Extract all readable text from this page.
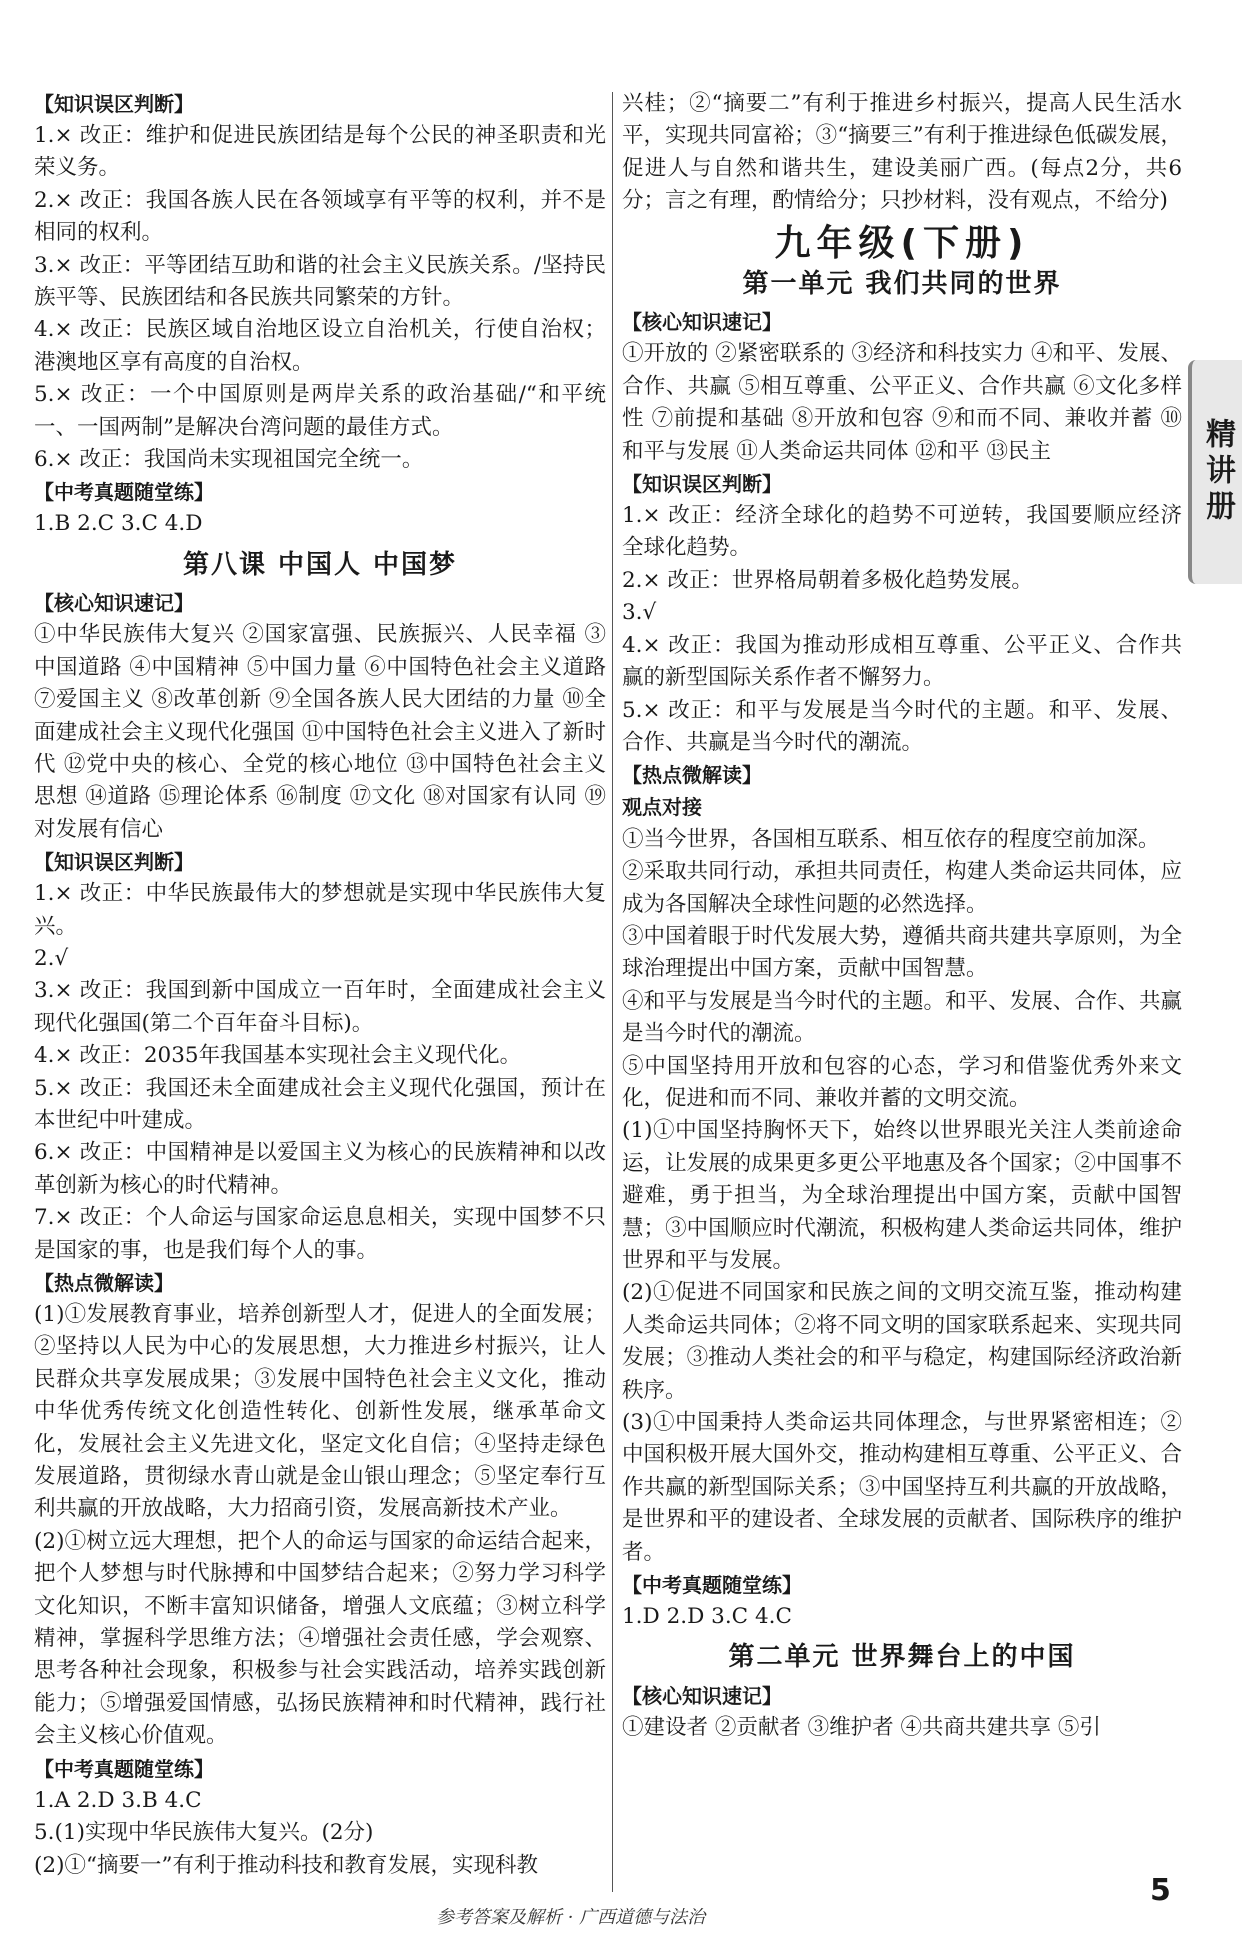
【知识误区判断】
1.× 改正：维护和促进民族团结是每个公民的神圣职责和光荣义务。
2.× 改正：我国各族人民在各领域享有平等的权利，并不是相同的权利。
3.× 改正：平等团结互助和谐的社会主义民族关系。/坚持民族平等、民族团结和各民族共同繁荣的方针。
4.× 改正：民族区域自治地区设立自治机关，行使自治权；港澳地区享有高度的自治权。
5.× 改正：一个中国原则是两岸关系的政治基础/“和平统一、一国两制”是解决台湾问题的最佳方式。
6.× 改正：我国尚未实现祖国完全统一。
【中考真题随堂练】
1.B 2.C 3.C 4.D
第八课 中国人 中国梦
【核心知识速记】
①中华民族伟大复兴 ②国家富强、民族振兴、人民幸福 ③中国道路 ④中国精神 ⑤中国力量 ⑥中国特色社会主义道路 ⑦爱国主义 ⑧改革创新 ⑨全国各族人民大团结的力量 ⑩全面建成社会主义现代化强国 ⑪中国特色社会主义进入了新时代 ⑫党中央的核心、全党的核心地位 ⑬中国特色社会主义思想 ⑭道路 ⑮理论体系 ⑯制度 ⑰文化 ⑱对国家有认同 ⑲对发展有信心
【知识误区判断】
1.× 改正：中华民族最伟大的梦想就是实现中华民族伟大复兴。
2.√
3.× 改正：我国到新中国成立一百年时，全面建成社会主义现代化强国(第二个百年奋斗目标)。
4.× 改正：2035年我国基本实现社会主义现代化。
5.× 改正：我国还未全面建成社会主义现代化强国，预计在本世纪中叶建成。
6.× 改正：中国精神是以爱国主义为核心的民族精神和以改革创新为核心的时代精神。
7.× 改正：个人命运与国家命运息息相关，实现中国梦不只是国家的事，也是我们每个人的事。
【热点微解读】
(1)①发展教育事业，培养创新型人才，促进人的全面发展；②坚持以人民为中心的发展思想，大力推进乡村振兴，让人民群众共享发展成果；③发展中国特色社会主义文化，推动中华优秀传统文化创造性转化、创新性发展，继承革命文化，发展社会主义先进文化，坚定文化自信；④坚持走绿色发展道路，贯彻绿水青山就是金山银山理念；⑤坚定奉行互利共赢的开放战略，大力招商引资，发展高新技术产业。
(2)①树立远大理想，把个人的命运与国家的命运结合起来，把个人梦想与时代脉搏和中国梦结合起来；②努力学习科学文化知识，不断丰富知识储备，增强人文底蕴；③树立科学精神，掌握科学思维方法；④增强社会责任感，学会观察、思考各种社会现象，积极参与社会实践活动，培养实践创新能力；⑤增强爱国情感，弘扬民族精神和时代精神，践行社会主义核心价值观。
【中考真题随堂练】
1.A 2.D 3.B 4.C
5.(1)实现中华民族伟大复兴。(2分)
(2)①“摘要一”有利于推动科技和教育发展，实现科教
兴桂；②“摘要二”有利于推进乡村振兴，提高人民生活水平，实现共同富裕；③“摘要三”有利于推进绿色低碳发展，促进人与自然和谐共生，建设美丽广西。(每点2分，共6分；言之有理，酌情给分；只抄材料，没有观点，不给分)
九年级(下册)
第一单元 我们共同的世界
【核心知识速记】
①开放的 ②紧密联系的 ③经济和科技实力 ④和平、发展、合作、共赢 ⑤相互尊重、公平正义、合作共赢 ⑥文化多样性 ⑦前提和基础 ⑧开放和包容 ⑨和而不同、兼收并蓄 ⑩和平与发展 ⑪人类命运共同体 ⑫和平 ⑬民主
【知识误区判断】
1.× 改正：经济全球化的趋势不可逆转，我国要顺应经济全球化趋势。
2.× 改正：世界格局朝着多极化趋势发展。
3.√
4.× 改正：我国为推动形成相互尊重、公平正义、合作共赢的新型国际关系作者不懈努力。
5.× 改正：和平与发展是当今时代的主题。和平、发展、合作、共赢是当今时代的潮流。
【热点微解读】
观点对接
①当今世界，各国相互联系、相互依存的程度空前加深。
②采取共同行动，承担共同责任，构建人类命运共同体，应成为各国解决全球性问题的必然选择。
③中国着眼于时代发展大势，遵循共商共建共享原则，为全球治理提出中国方案，贡献中国智慧。
④和平与发展是当今时代的主题。和平、发展、合作、共赢是当今时代的潮流。
⑤中国坚持用开放和包容的心态，学习和借鉴优秀外来文化，促进和而不同、兼收并蓄的文明交流。
(1)①中国坚持胸怀天下，始终以世界眼光关注人类前途命运，让发展的成果更多更公平地惠及各个国家；②中国事不避难，勇于担当，为全球治理提出中国方案，贡献中国智慧；③中国顺应时代潮流，积极构建人类命运共同体，维护世界和平与发展。
(2)①促进不同国家和民族之间的文明交流互鉴，推动构建人类命运共同体；②将不同文明的国家联系起来、实现共同发展；③推动人类社会的和平与稳定，构建国际经济政治新秩序。
(3)①中国秉持人类命运共同体理念，与世界紧密相连；②中国积极开展大国外交，推动构建相互尊重、公平正义、合作共赢的新型国际关系；③中国坚持互利共赢的开放战略，是世界和平的建设者、全球发展的贡献者、国际秩序的维护者。
【中考真题随堂练】
1.D 2.D 3.C 4.C
第二单元 世界舞台上的中国
【核心知识速记】
①建设者 ②贡献者 ③维护者 ④共商共建共享 ⑤引
精讲册
参考答案及解析 · 广西道德与法治
5
